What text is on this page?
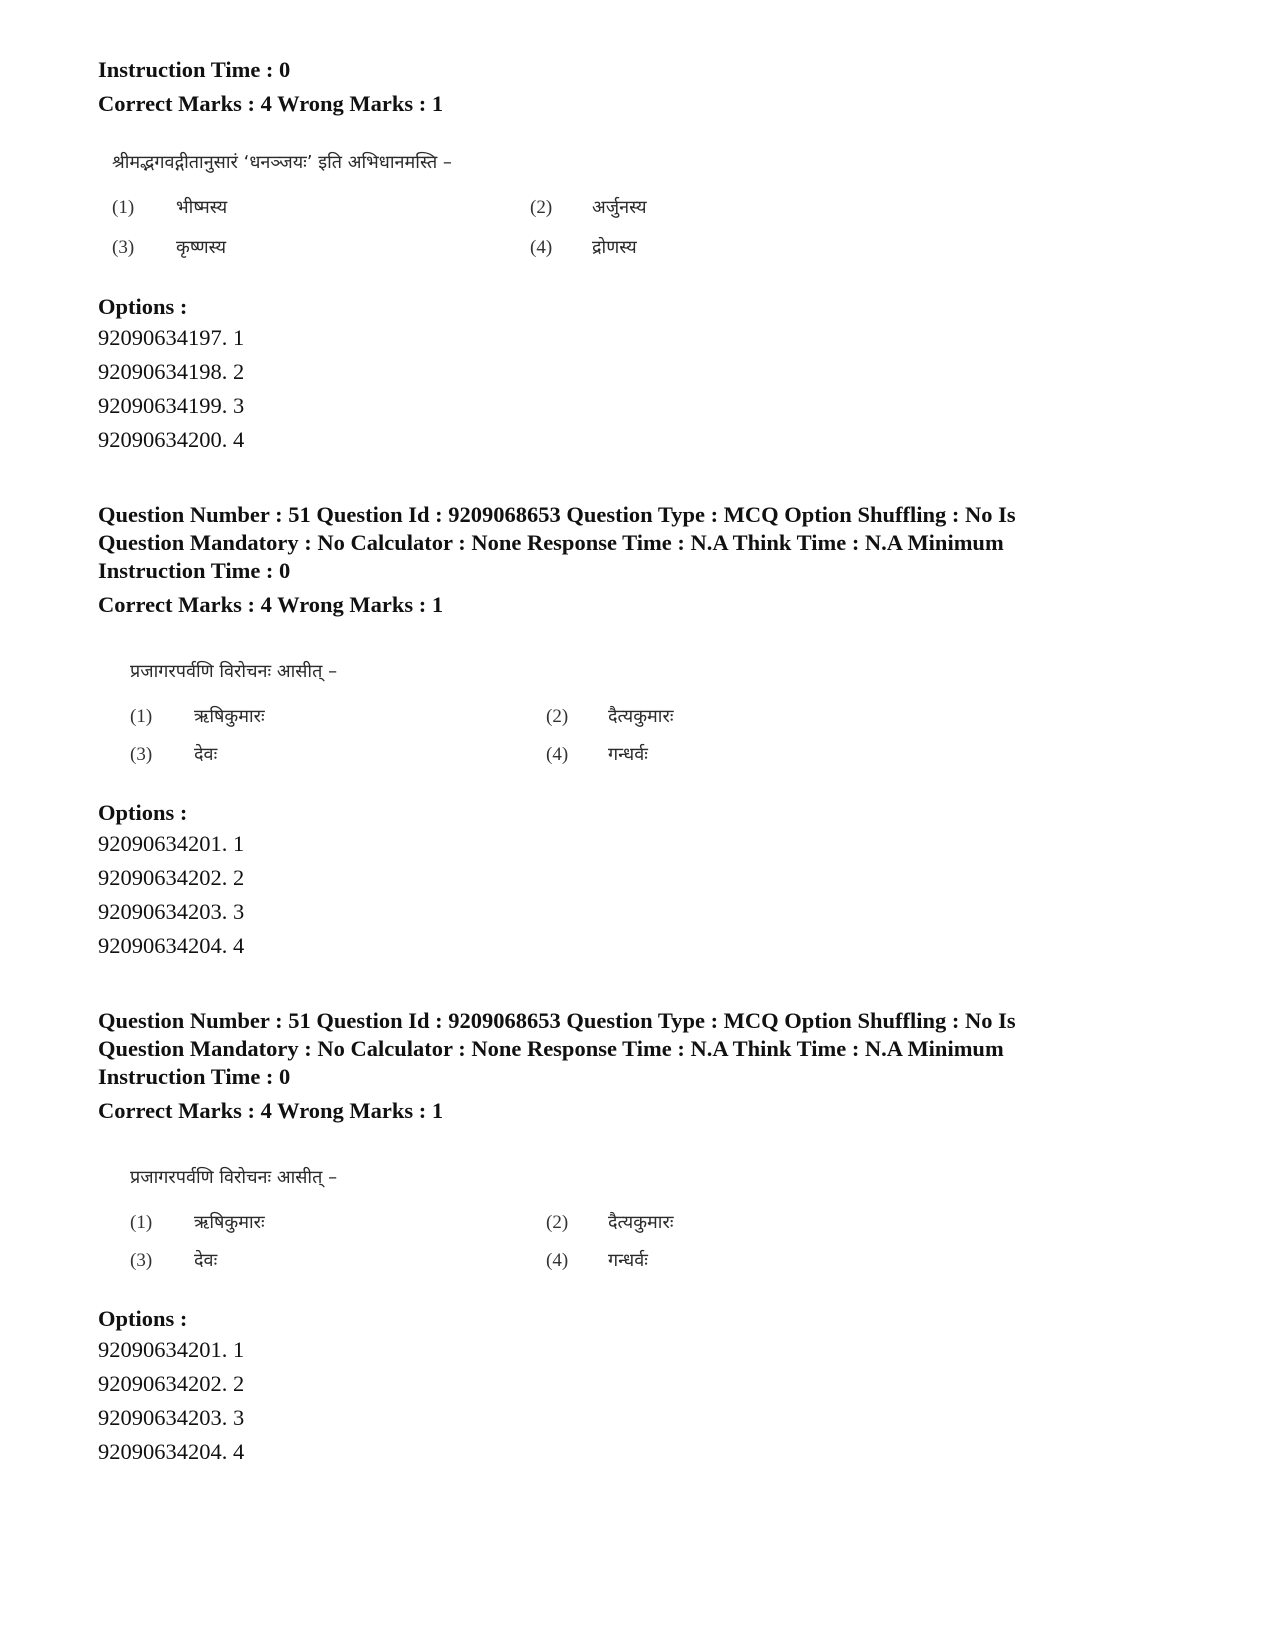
Instruction Time : 0

Correct Marks : 4 Wrong Marks : 1

श्रीमद्भगवद्गीतानुसारं ‘धनञ्जयः’ इति अभिधानमस्ति –
(1) भीष्मस्य	(2) अर्जुनस्य
(3) कृष्णस्य	(4) द्रोणस्य
Options :
92090634197. 1
92090634198. 2
92090634199. 3
92090634200. 4

Question Number : 51 Question Id : 9209068653 Question Type : MCQ Option Shuffling : No Is

Question Mandatory : No Calculator : None Response Time : N.A Think Time : N.A Minimum

Instruction Time : 0

Correct Marks : 4 Wrong Marks : 1

प्रजागरपर्वणि विरोचनः आसीत् –
(1) ऋषिकुमारः	(2) दैत्यकुमारः
(3) देवः	(4) गन्धर्वः
Options :
92090634201. 1
92090634202. 2
92090634203. 3
92090634204. 4

Question Number : 51 Question Id : 9209068653 Question Type : MCQ Option Shuffling : No Is

Question Mandatory : No Calculator : None Response Time : N.A Think Time : N.A Minimum

Instruction Time : 0

Correct Marks : 4 Wrong Marks : 1

प्रजागरपर्वणि विरोचनः आसीत् –
(1) ऋषिकुमारः	(2) दैत्यकुमारः
(3) देवः	(4) गन्धर्वः
Options :
92090634201. 1
92090634202. 2
92090634203. 3
92090634204. 4
